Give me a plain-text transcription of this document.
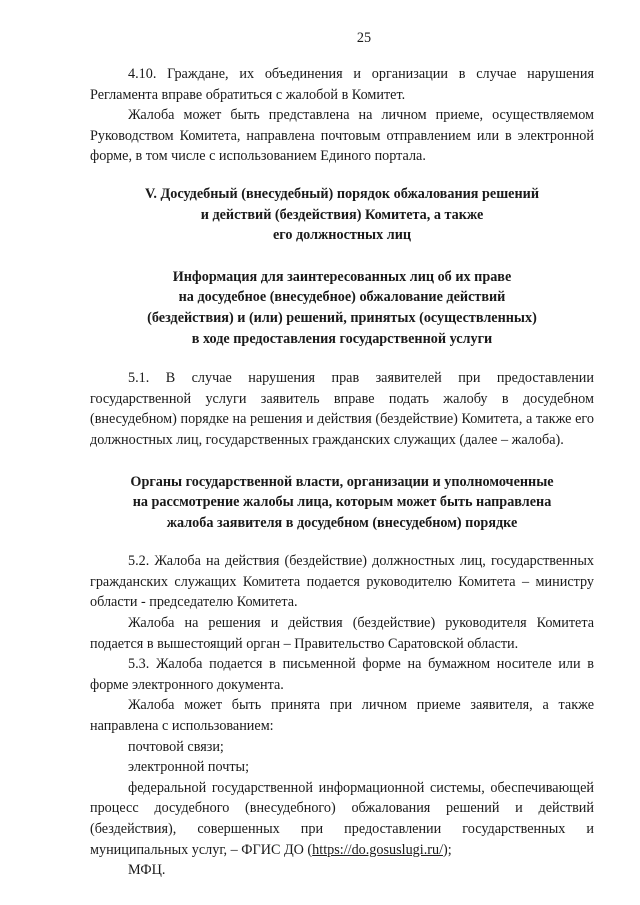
25

4.10. Граждане, их объединения и организации в случае нарушения Регламента вправе обратиться с жалобой в Комитет.

Жалоба может быть представлена на личном приеме, осуществляемом Руководством Комитета, направлена почтовым отправлением или в электронной форме, в том числе с использованием Единого портала.

V. Досудебный (внесудебный) порядок обжалования решений
и действий (бездействия) Комитета, а также
его должностных лиц
Информация для заинтересованных лиц об их праве
на досудебное (внесудебное) обжалование действий
(бездействия) и (или) решений, принятых (осуществленных)
в ходе предоставления государственной услуги

5.1. В случае нарушения прав заявителей при предоставлении государственной услуги заявитель вправе подать жалобу в досудебном (внесудебном) порядке на решения и действия (бездействие) Комитета, а также его должностных лиц, государственных гражданских служащих (далее – жалоба).

Органы государственной власти, организации и уполномоченные
на рассмотрение жалобы лица, которым может быть направлена
жалоба заявителя в досудебном (внесудебном) порядке

5.2. Жалоба на действия (бездействие) должностных лиц, государственных гражданских служащих Комитета подается руководителю Комитета – министру области - председателю Комитета.

Жалоба на решения и действия (бездействие) руководителя Комитета подается в вышестоящий орган – Правительство Саратовской области.

5.3. Жалоба подается в письменной форме на бумажном носителе или в форме электронного документа.

Жалоба может быть принята при личном приеме заявителя, а также направлена с использованием:

почтовой связи;

электронной почты;

федеральной государственной информационной системы, обеспечивающей процесс досудебного (внесудебного) обжалования решений и действий (бездействия), совершенных при предоставлении государственных и муниципальных услуг, – ФГИС ДО (https://do.gosuslugi.ru/);

МФЦ.
